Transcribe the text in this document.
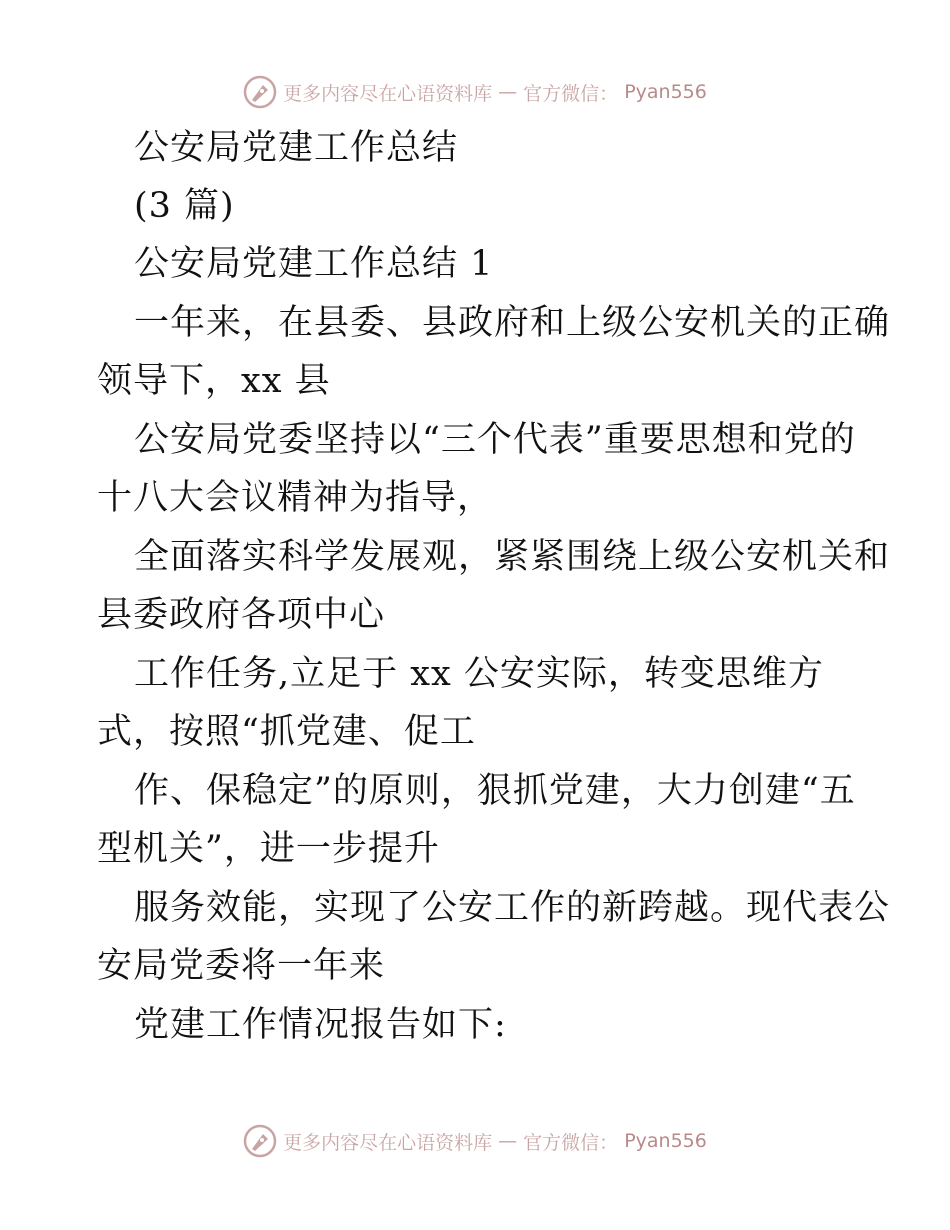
更多内容尽在心语资料库 — 官方微信： Pyan556
公安局党建工作总结
(3 篇)
公安局党建工作总结 1
一年来，在县委、县政府和上级公安机关的正确
领导下，xx 县
公安局党委坚持以“三个代表”重要思想和党的
十八大会议精神为指导，
全面落实科学发展观，紧紧围绕上级公安机关和
县委政府各项中心
工作任务,立足于 xx 公安实际，转变思维方
式，按照“抓党建、促工
作、保稳定”的原则，狠抓党建，大力创建“五
型机关”，进一步提升
服务效能，实现了公安工作的新跨越。现代表公
安局党委将一年来
党建工作情况报告如下:
更多内容尽在心语资料库 — 官方微信： Pyan556
